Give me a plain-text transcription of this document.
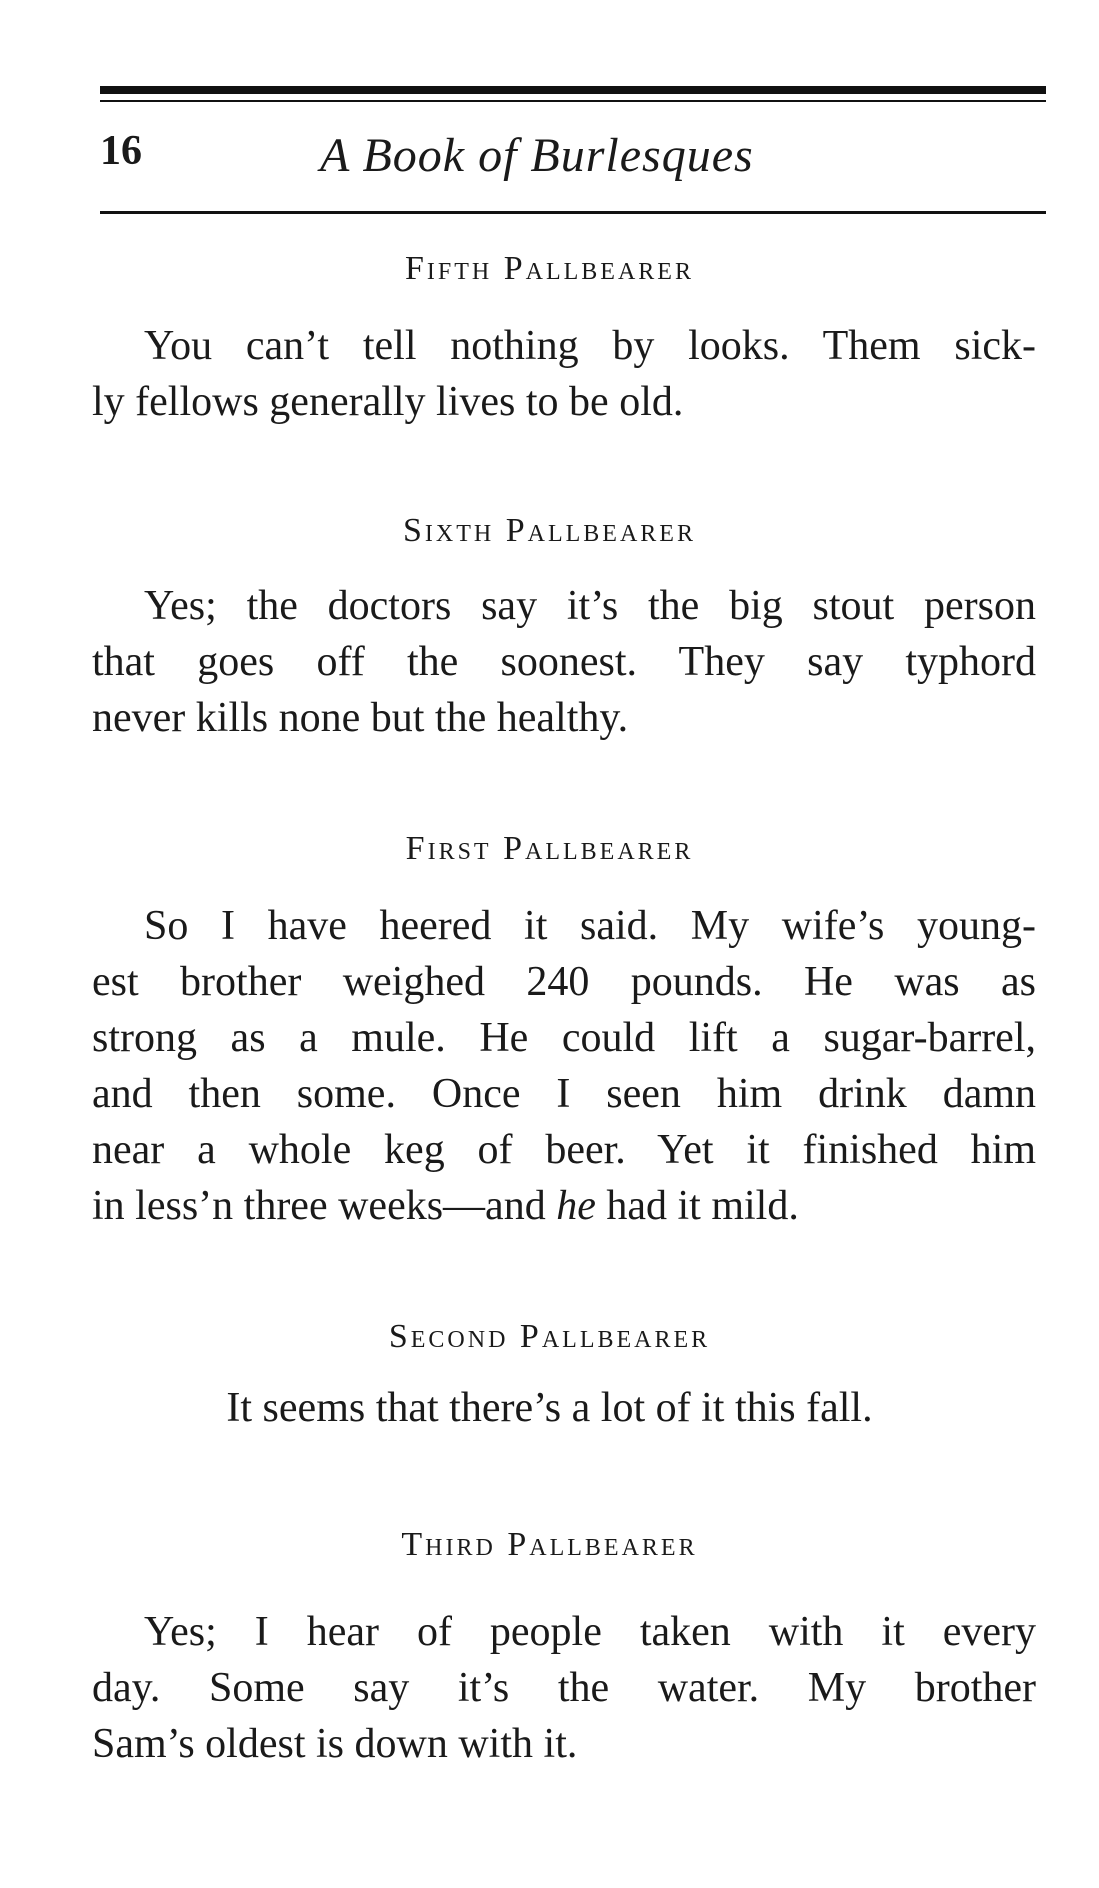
16	A Book of Burlesques
Fifth Pallbearer

You can’t tell nothing by looks. Them sick-
ly fellows generally lives to be old.

Sixth Pallbearer

Yes; the doctors say it’s the big stout person
that goes off the soonest. They say typhord
never kills none but the healthy.

First Pallbearer

So I have heered it said. My wife’s young-
est brother weighed 240 pounds. He was as
strong as a mule. He could lift a sugar-barrel,
and then some. Once I seen him drink damn
near a whole keg of beer. Yet it finished him
in less’n three weeks—and he had it mild.

Second Pallbearer

It seems that there’s a lot of it this fall.

Third Pallbearer

Yes; I hear of people taken with it every
day. Some say it’s the water. My brother
Sam’s oldest is down with it.
